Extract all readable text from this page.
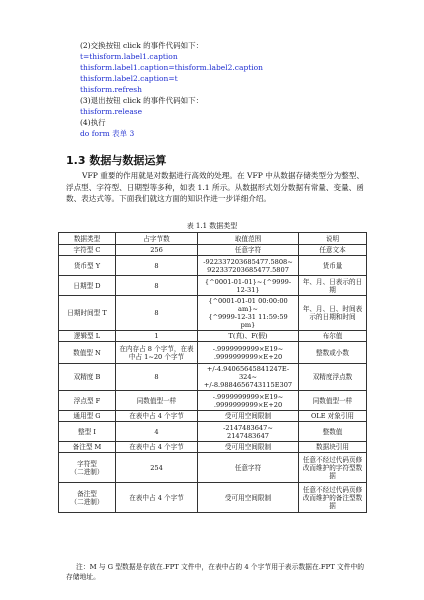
(2)交换按钮 click 的事件代码如下：
t=thisform.label1.caption
thisform.label1.caption=thisform.label2.caption
thisform.label2.caption=t
thisform.refresh
(3)退出按钮 click 的事件代码如下：
thisform.release
(4)执行
do form 表单 3
1.3 数据与数据运算
VFP 重要的作用就是对数据进行高效的处理。在 VFP 中从数据存储类型分为整型、浮点型、字符型、日期型等多种，如表 1.1 所示。从数据形式划分数据有常量、变量、函数、表达式等。下面我们就这方面的知识作进一步详细介绍。
表 1.1 数据类型
数据类型	占字节数	取值范围	说明
字符型 C	256	任意字符	任意文本
货币型 Y	8	-922337203685477.5808~
922337203685477.5807	货币量
日期型 D	8	{^0001-01-01}~{^9999-12-31}	年、月、日表示的日期
日期时间型 T	8	{^0001-01-01 00:00:00 am}~
{^9999-12-31 11:59:59 pm}	年、月、日、时间表示的日期和时间
逻辑型 L	1	T(真)、F(假)	布尔值
数值型 N	在内存占 8 个字节，在表中占 1~20 个字节	-.9999999999×E19~
.9999999999×E+20	整数或小数
双精度 B	8	+/-4.94065645841247E-324~
+/-8.9884656743115E307	双精度浮点数
浮点型 F	同数值型一样	-.9999999999×E19~
.9999999999×E+20	同数值型一样
通用型 G	在表中占 4 个字节	受可用空间限制	OLE 对象引用
整型 I	4	-2147483647~
2147483647	整数值
备注型 M	在表中占 4 个字节	受可用空间限制	数据块引用
字符型
（二进制）	254	任意字符	任意不经过代码页修改而维护的字符型数据
备注型
（二进制）	在表中占 4 个字节	受可用空间限制	任意不经过代码页修改而维护的备注型数据
注：M 与 G 型数据是存放在.FPT 文件中，在表中占的 4 个字节用于表示数据在.FPT 文件中的存储地址。
